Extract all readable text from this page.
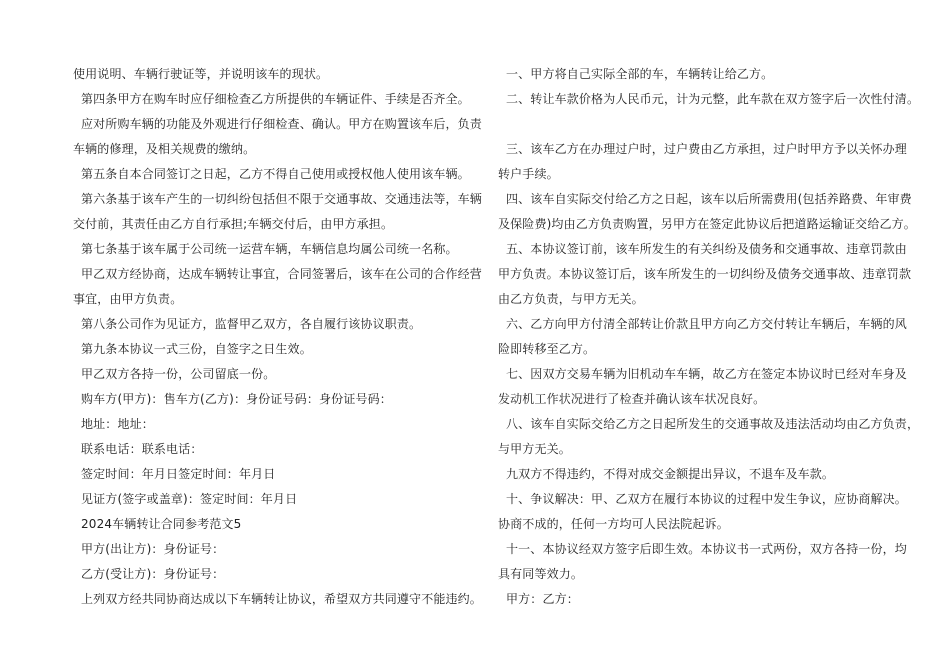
使用说明、车辆行驶证等，并说明该车的现状。

第四条甲方在购车时应仔细检查乙方所提供的车辆证件、手续是否齐全。

应对所购车辆的功能及外观进行仔细检查、确认。甲方在购置该车后，负责

车辆的修理，及相关规费的缴纳。

第五条自本合同签订之日起，乙方不得自己使用或授权他人使用该车辆。

第六条基于该车产生的一切纠纷包括但不限于交通事故、交通违法等，车辆

交付前，其责任由乙方自行承担;车辆交付后，由甲方承担。

第七条基于该车属于公司统一运营车辆，车辆信息均属公司统一名称。

甲乙双方经协商，达成车辆转让事宜，合同签署后，该车在公司的合作经营

事宜，由甲方负责。

第八条公司作为见证方，监督甲乙双方，各自履行该协议职责。

第九条本协议一式三份，自签字之日生效。

甲乙双方各持一份，公司留底一份。

购车方(甲方)：售车方(乙方)：身份证号码：身份证号码：

地址：地址：

联系电话：联系电话：

签定时间：年月日签定时间：年月日

见证方(签字或盖章)：签定时间：年月日

2024车辆转让合同参考范文5

甲方(出让方)：身份证号：

乙方(受让方)：身份证号：

上列双方经共同协商达成以下车辆转让协议，希望双方共同遵守不能违约。

一、甲方将自己实际全部的车，车辆转让给乙方。

二、转让车款价格为人民币元，计为元整，此车款在双方签字后一次性付清。

三、该车乙方在办理过户时，过户费由乙方承担，过户时甲方予以关怀办理

转户手续。

四、该车自实际交付给乙方之日起，该车以后所需费用(包括养路费、年审费

及保险费)均由乙方负责购置，另甲方在签定此协议后把道路运输证交给乙方。

五、本协议签订前，该车所发生的有关纠纷及债务和交通事故、违章罚款由

甲方负责。本协议签订后，该车所发生的一切纠纷及债务交通事故、违章罚款

由乙方负责，与甲方无关。

六、乙方向甲方付清全部转让价款且甲方向乙方交付转让车辆后，车辆的风

险即转移至乙方。

七、因双方交易车辆为旧机动车车辆，故乙方在签定本协议时已经对车身及

发动机工作状况进行了检查并确认该车状况良好。

八、该车自实际交给乙方之日起所发生的交通事故及违法活动均由乙方负责，

与甲方无关。

九双方不得违约，不得对成交金额提出异议，不退车及车款。

十、争议解决：甲、乙双方在履行本协议的过程中发生争议，应协商解决。

协商不成的，任何一方均可人民法院起诉。

十一、本协议经双方签字后即生效。本协议书一式两份，双方各持一份，均

具有同等效力。

甲方：乙方：
